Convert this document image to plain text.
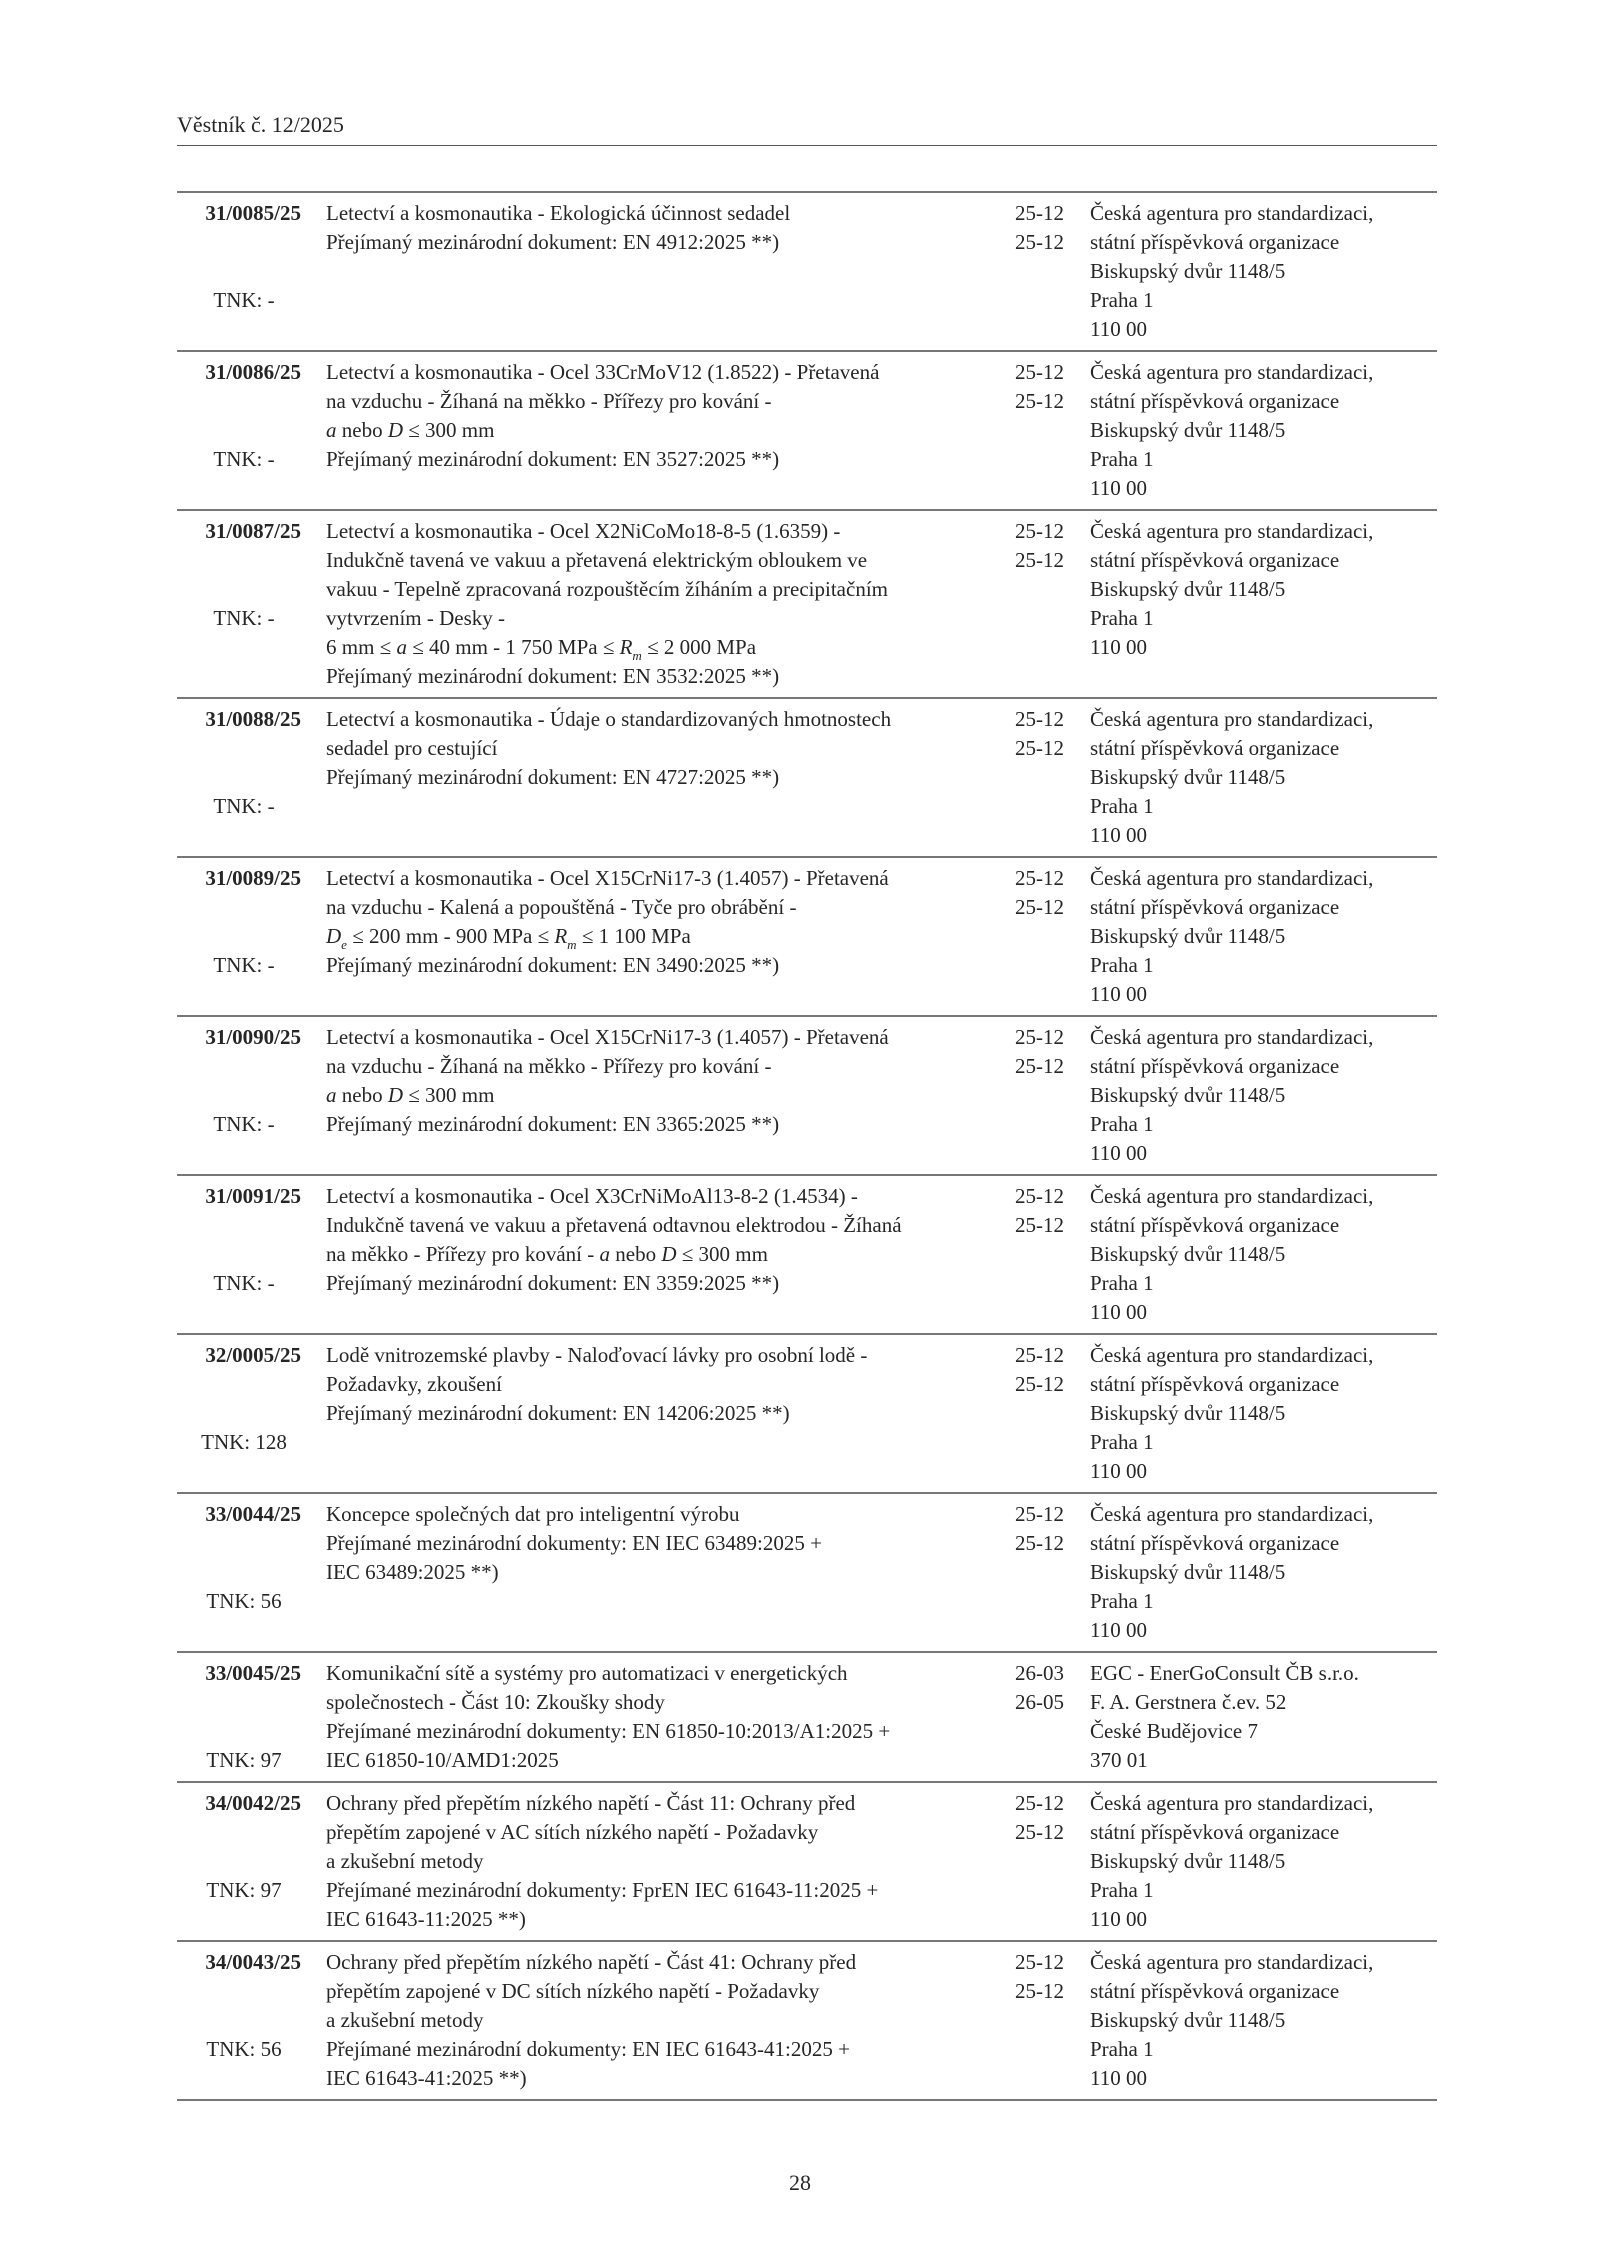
Věstník č. 12/2025
31/0085/25
TNK: -
Letectví a kosmonautika - Ekologická účinnost sedadel
Přejímaný mezinárodní dokument: EN 4912:2025 **)
25-12
25-12
Česká agentura pro standardizaci,
státní příspěvková organizace
Biskupský dvůr 1148/5
Praha 1
110 00
31/0086/25
TNK: -
Letectví a kosmonautika - Ocel 33CrMoV12 (1.8522) - Přetavená
na vzduchu - Žíhaná na měkko - Přířezy pro kování -
a nebo D ≤ 300 mm
Přejímaný mezinárodní dokument: EN 3527:2025 **)
25-12
25-12
Česká agentura pro standardizaci,
státní příspěvková organizace
Biskupský dvůr 1148/5
Praha 1
110 00
31/0087/25
TNK: -
Letectví a kosmonautika - Ocel X2NiCoMo18-8-5 (1.6359) -
Indukčně tavená ve vakuu a přetavená elektrickým obloukem ve
vakuu - Tepelně zpracovaná rozpouštěcím žíháním a precipitačním
vytvrzením - Desky -
6 mm ≤ a ≤ 40 mm - 1 750 MPa ≤ $R_m \le 2$ 000 MPa
Přejímaný mezinárodní dokument: EN 3532:2025 **)
25-12
25-12
Česká agentura pro standardizaci,
státní příspěvková organizace
Biskupský dvůr 1148/5
Praha 1
110 00
31/0088/25
TNK: -
Letectví a kosmonautika - Údaje o standardizovaných hmotnostech
sedadel pro cestující
Přejímaný mezinárodní dokument: EN 4727:2025 **)
25-12
25-12
Česká agentura pro standardizaci,
státní příspěvková organizace
Biskupský dvůr 1148/5
Praha 1
110 00
31/0089/25
TNK: -
Letectví a kosmonautika - Ocel X15CrNi17-3 (1.4057) - Přetavená
na vzduchu - Kalená a popouštěná - Tyče pro obrábění -
$D_e \le 200$ mm - 900 MPa ≤ $R_m \le 1$ 100 MPa
Přejímaný mezinárodní dokument: EN 3490:2025 **)
25-12
25-12
Česká agentura pro standardizaci,
státní příspěvková organizace
Biskupský dvůr 1148/5
Praha 1
110 00
31/0090/25
TNK: -
Letectví a kosmonautika - Ocel X15CrNi17-3 (1.4057) - Přetavená
na vzduchu - Žíhaná na měkko - Přířezy pro kování -
a nebo D ≤ 300 mm
Přejímaný mezinárodní dokument: EN 3365:2025 **)
25-12
25-12
Česká agentura pro standardizaci,
státní příspěvková organizace
Biskupský dvůr 1148/5
Praha 1
110 00
31/0091/25
TNK: -
Letectví a kosmonautika - Ocel X3CrNiMoAl13-8-2 (1.4534) -
Indukčně tavená ve vakuu a přetavená odtavnou elektrodou - Žíhaná
na měkko - Přířezy pro kování - a nebo D ≤ 300 mm
Přejímaný mezinárodní dokument: EN 3359:2025 **)
25-12
25-12
Česká agentura pro standardizaci,
státní příspěvková organizace
Biskupský dvůr 1148/5
Praha 1
110 00
32/0005/25
TNK: 128
Lodě vnitrozemské plavby - Naloďovací lávky pro osobní lodě -
Požadavky, zkoušení
Přejímaný mezinárodní dokument: EN 14206:2025 **)
25-12
25-12
Česká agentura pro standardizaci,
státní příspěvková organizace
Biskupský dvůr 1148/5
Praha 1
110 00
33/0044/25
TNK: 56
Koncepce společných dat pro inteligentní výrobu
Přejímané mezinárodní dokumenty: EN IEC 63489:2025 +
IEC 63489:2025 **)
25-12
25-12
Česká agentura pro standardizaci,
státní příspěvková organizace
Biskupský dvůr 1148/5
Praha 1
110 00
33/0045/25
TNK: 97
Komunikační sítě a systémy pro automatizaci v energetických
společnostech - Část 10: Zkoušky shody
Přejímané mezinárodní dokumenty: EN 61850-10:2013/A1:2025 +
IEC 61850-10/AMD1:2025
26-03
26-05
EGC - EnerGoConsult ČB s.r.o.
F. A. Gerstnera č.ev. 52
České Budějovice 7
370 01
34/0042/25
TNK: 97
Ochrany před přepětím nízkého napětí - Část 11: Ochrany před
přepětím zapojené v AC sítích nízkého napětí - Požadavky
a zkušební metody
Přejímané mezinárodní dokumenty: FprEN IEC 61643-11:2025 +
IEC 61643-11:2025 **)
25-12
25-12
Česká agentura pro standardizaci,
státní příspěvková organizace
Biskupský dvůr 1148/5
Praha 1
110 00
34/0043/25
TNK: 56
Ochrany před přepětím nízkého napětí - Část 41: Ochrany před
přepětím zapojené v DC sítích nízkého napětí - Požadavky
a zkušební metody
Přejímané mezinárodní dokumenty: EN IEC 61643-41:2025 +
IEC 61643-41:2025 **)
25-12
25-12
Česká agentura pro standardizaci,
státní příspěvková organizace
Biskupský dvůr 1148/5
Praha 1
110 00
28
